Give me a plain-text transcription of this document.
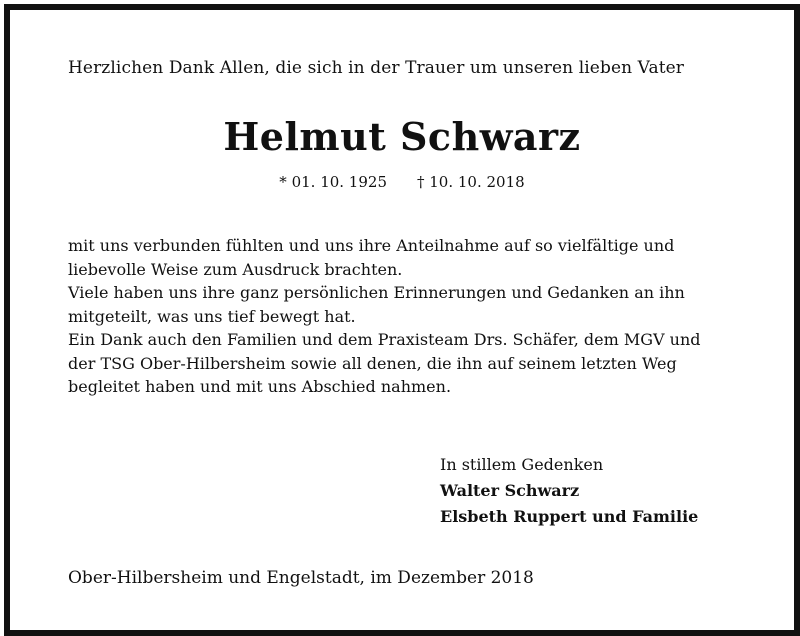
Herzlichen Dank Allen, die sich in der Trauer um unseren lieben Vater
Helmut Schwarz
* 01. 10. 1925 † 10. 10. 2018
mit uns verbunden fühlten und uns ihre Anteilnahme auf so vielfältige und
liebevolle Weise zum Ausdruck brachten.
Viele haben uns ihre ganz persönlichen Erinnerungen und Gedanken an ihn
mitgeteilt, was uns tief bewegt hat.
Ein Dank auch den Familien und dem Praxisteam Drs. Schäfer, dem MGV und
der TSG Ober-Hilbersheim sowie all denen, die ihn auf seinem letzten Weg
begleitet haben und mit uns Abschied nahmen.
In stillem Gedenken
Walter Schwarz
Elsbeth Ruppert und Familie
Ober-Hilbersheim und Engelstadt, im Dezember 2018
